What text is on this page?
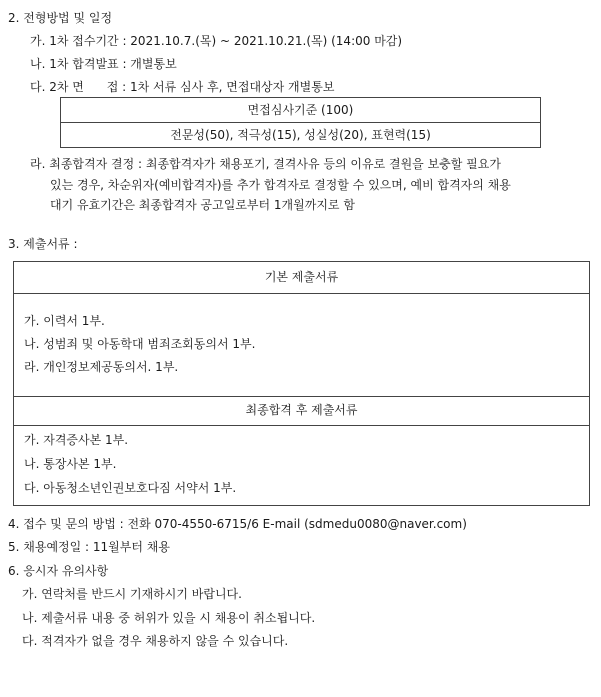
2. 전형방법 및 일정
가. 1차 접수기간 : 2021.10.7.(목) ~ 2021.10.21.(목) (14:00 마감)
나. 1차 합격발표 : 개별통보
다. 2차 면      접 : 1차 서류 심사 후, 면접대상자 개별통보
면접심사기준 (100)
전문성(50), 적극성(15), 성실성(20), 표현력(15)
라. 최종합격자 결정 : 최종합격자가 채용포기, 결격사유 등의 이유로 결원을 보충할 필요가
있는 경우, 차순위자(예비합격자)를 추가 합격자로 결정할 수 있으며, 예비 합격자의 채용
대기 유효기간은 최종합격자 공고일로부터 1개월까지로 함
3. 제출서류 :
기본 제출서류
가. 이력서 1부.
나. 성범죄 및 아동학대 범죄조회동의서 1부.
라. 개인정보제공동의서. 1부.
최종합격 후 제출서류
가. 자격증사본 1부.
나. 통장사본 1부.
다. 아동청소년인권보호다짐 서약서 1부.
4. 접수 및 문의 방법 : 전화 070-4550-6715/6 E-mail (sdmedu0080@naver.com)
5. 채용예정일 : 11월부터 채용
6. 응시자 유의사항
가. 연락처를 반드시 기재하시기 바랍니다.
나. 제출서류 내용 중 허위가 있을 시 채용이 취소됩니다.
다. 적격자가 없을 경우 채용하지 않을 수 있습니다.
